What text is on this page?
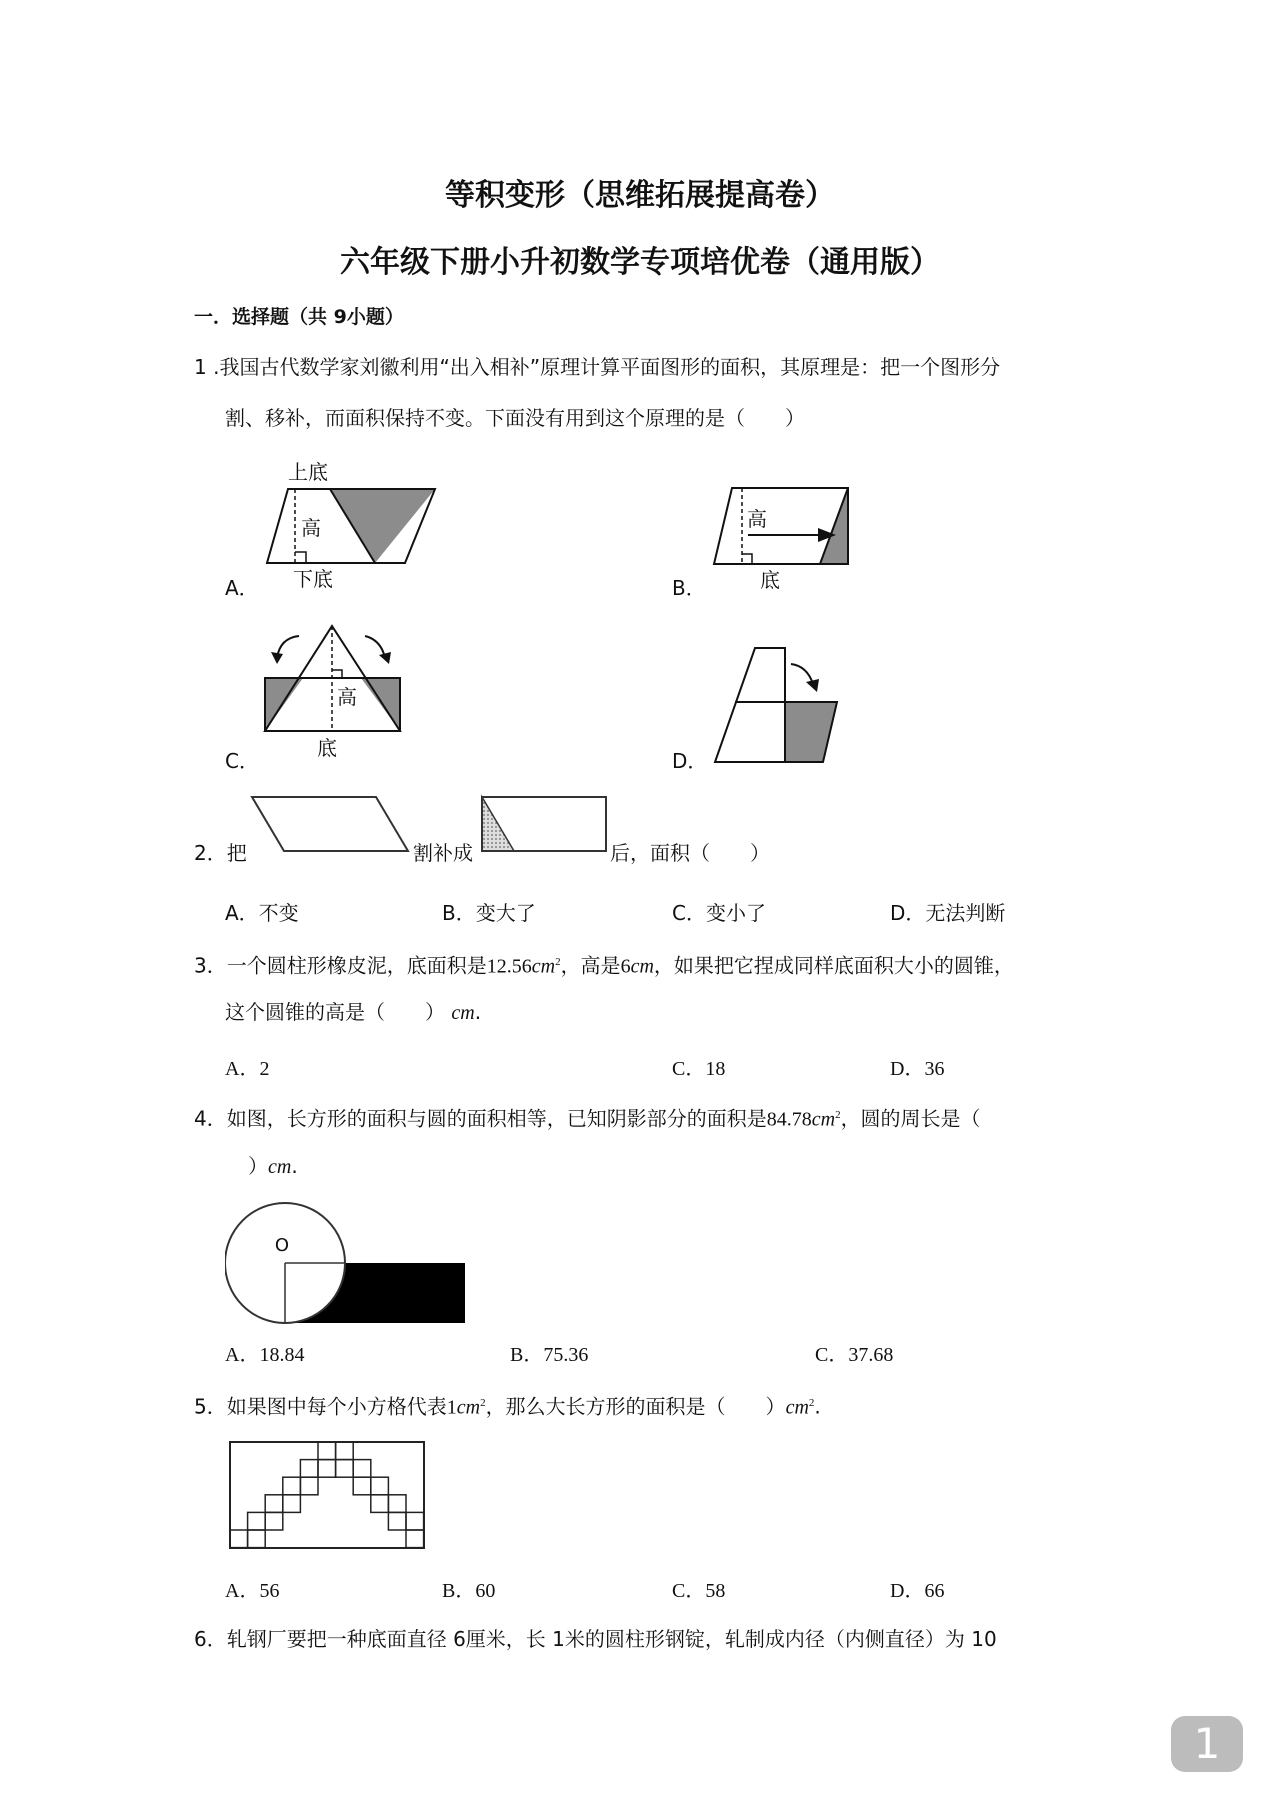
等积变形（思维拓展提高卷）
六年级下册小升初数学专项培优卷（通用版）
一．选择题（共 9小题）
1 .我国古代数学家刘徽利用“出入相补”原理计算平面图形的面积，其原理是：把一个图形分
割、移补，而面积保持不变。下面没有用到这个原理的是（　　）
上底
高
下底
A．
高
底
B．
高
底
C．	D．
2．把	割补成	后，面积（　　）
A．不变	B．变大了	C．变小了	D．无法判断
3．一个圆柱形橡皮泥，底面积是$12.56cm^2$，高是6cm，如果把它捏成同样底面积大小的圆锥，
这个圆锥的高是（　　） cm.
A．2	C．18	D．36
4．如图，长方形的面积与圆的面积相等，已知阴影部分的面积是$84.78cm^2$，圆的周长是（
）cm.
O
A．18.84	B．75.36	C．37.68
5．如果图中每个小方格代表$1cm^2$，那么大长方形的面积是（　　）$cm^2$.
A．56	B．60	C．58	D．66
6．轧钢厂要把一种底面直径 6厘米，长 1米的圆柱形钢锭，轧制成内径（内侧直径）为 10
1
